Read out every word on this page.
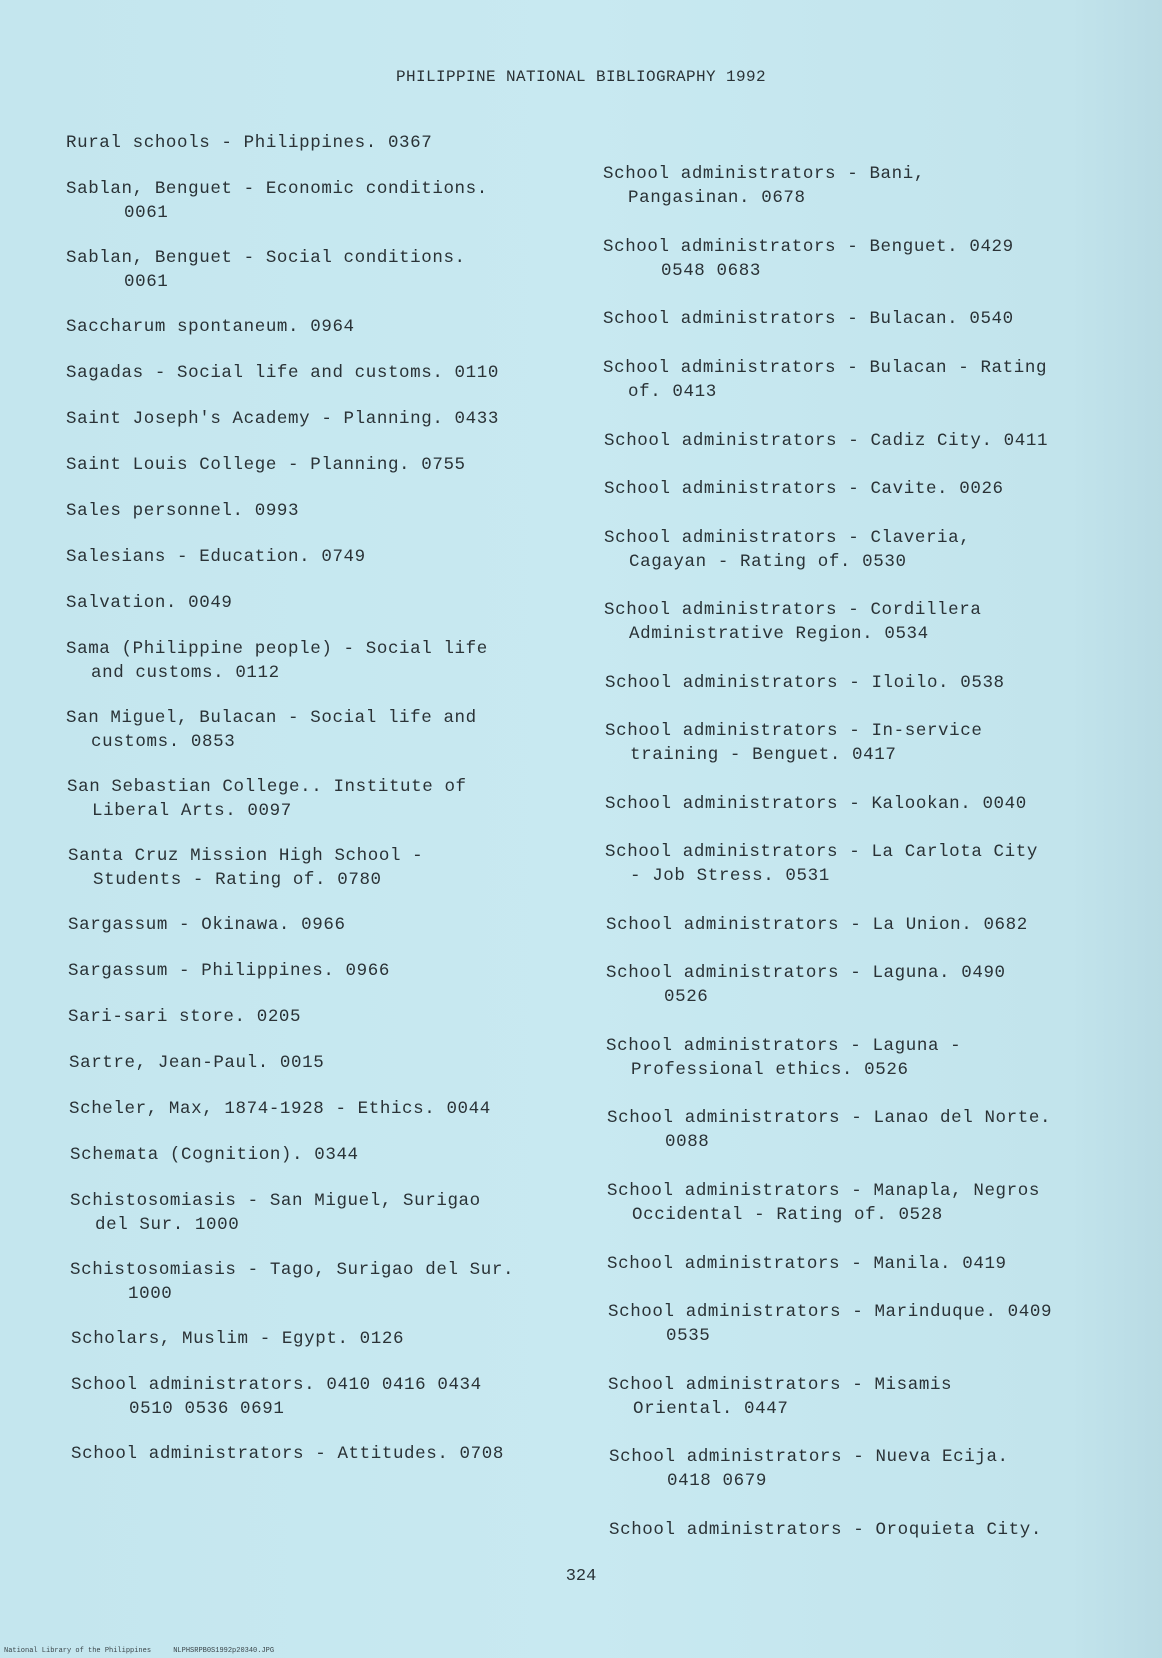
PHILIPPINE NATIONAL BIBLIOGRAPHY 1992
Rural schools - Philippines. 0367
Sablan, Benguet - Economic conditions.
0061
Sablan, Benguet - Social conditions.
0061
Saccharum spontaneum. 0964
Sagadas - Social life and customs. 0110
Saint Joseph's Academy - Planning. 0433
Saint Louis College - Planning. 0755
Sales personnel. 0993
Salesians - Education. 0749
Salvation. 0049
Sama (Philippine people) - Social life
and customs. 0112
San Miguel, Bulacan - Social life and
customs. 0853
San Sebastian College.. Institute of
Liberal Arts. 0097
Santa Cruz Mission High School -
Students - Rating of. 0780
Sargassum - Okinawa. 0966
Sargassum - Philippines. 0966
Sari-sari store. 0205
Sartre, Jean-Paul. 0015
Scheler, Max, 1874-1928 - Ethics. 0044
Schemata (Cognition). 0344
Schistosomiasis - San Miguel, Surigao
del Sur. 1000
Schistosomiasis - Tago, Surigao del Sur.
1000
Scholars, Muslim - Egypt. 0126
School administrators. 0410 0416 0434
0510 0536 0691
School administrators - Attitudes. 0708
School administrators - Bani,
Pangasinan. 0678
School administrators - Benguet. 0429
0548 0683
School administrators - Bulacan. 0540
School administrators - Bulacan - Rating
of. 0413
School administrators - Cadiz City. 0411
School administrators - Cavite. 0026
School administrators - Claveria,
Cagayan - Rating of. 0530
School administrators - Cordillera
Administrative Region. 0534
School administrators - Iloilo. 0538
School administrators - In-service
training - Benguet. 0417
School administrators - Kalookan. 0040
School administrators - La Carlota City
- Job Stress. 0531
School administrators - La Union. 0682
School administrators - Laguna. 0490
0526
School administrators - Laguna -
Professional ethics. 0526
School administrators - Lanao del Norte.
0088
School administrators - Manapla, Negros
Occidental - Rating of. 0528
School administrators - Manila. 0419
School administrators - Marinduque. 0409
0535
School administrators - Misamis
Oriental. 0447
School administrators - Nueva Ecija.
0418 0679
School administrators - Oroquieta City.
324
National Library of the Philippines	NLPHSRPB0S1992p20340.JPG
